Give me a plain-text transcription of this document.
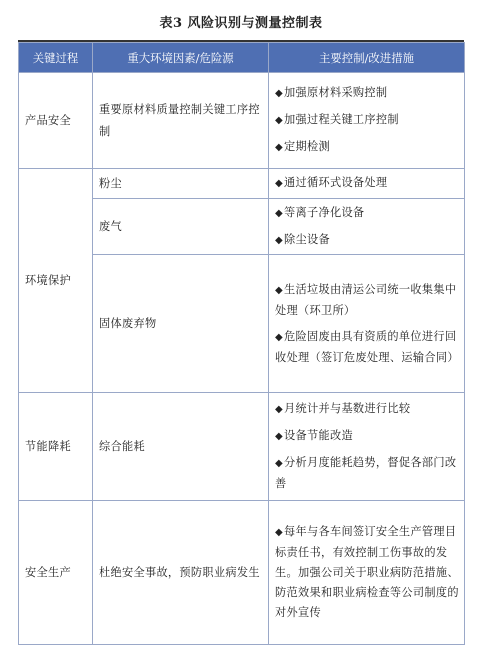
表3 风险识别与测量控制表
关键过程	重大环境因素/危险源	主要控制/改进措施
产品安全	重要原材料质量控制关键工序控制	◆加强原材料采购控制
◆加强过程关键工序控制
◆定期检测

环境保护	粉尘	◆通过循环式设备处理

	废气	◆等离子净化设备
◆除尘设备

	固体废弃物	◆生活垃圾由清运公司统一收集集中处理（环卫所）
◆危险固废由具有资质的单位进行回收处理（签订危废处理、运输合同）

节能降耗	综合能耗	◆月统计并与基数进行比较
◆设备节能改造
◆分析月度能耗趋势，督促各部门改善

安全生产	杜绝安全事故，预防职业病发生	◆每年与各车间签订安全生产管理目标责任书，有效控制工伤事故的发生。加强公司关于职业病防范措施、防范效果和职业病检查等公司制度的对外宣传
